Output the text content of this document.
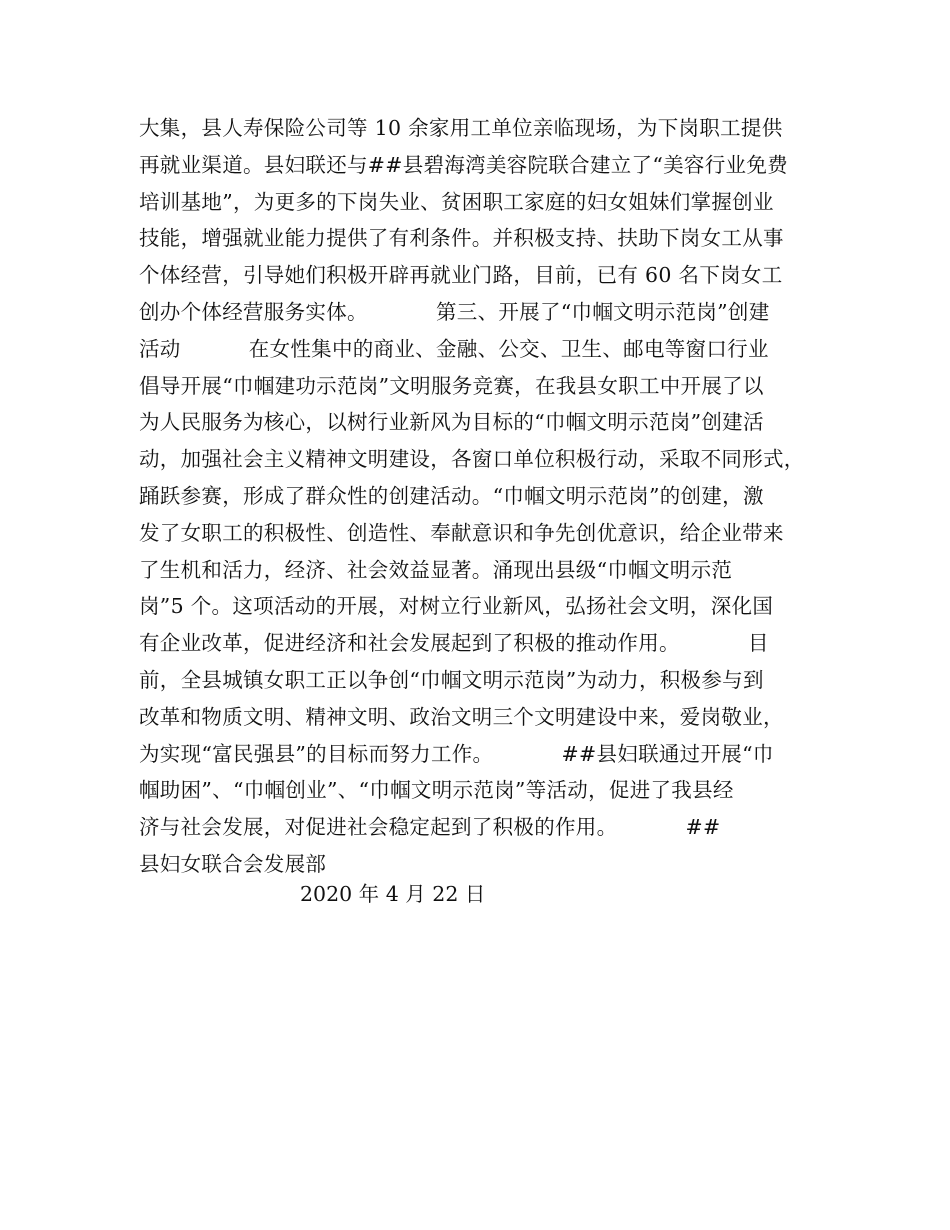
大集，县人寿保险公司等 10 余家用工单位亲临现场，为下岗职工提供
再就业渠道。县妇联还与##县碧海湾美容院联合建立了“美容行业免费
培训基地”，为更多的下岗失业、贫困职工家庭的妇女姐妹们掌握创业
技能，增强就业能力提供了有利条件。并积极支持、扶助下岗女工从事
个体经营，引导她们积极开辟再就业门路，目前，已有 60 名下岗女工
创办个体经营服务实体。          第三、开展了“巾帼文明示范岗”创建
活动          在女性集中的商业、金融、公交、卫生、邮电等窗口行业
倡导开展“巾帼建功示范岗”文明服务竞赛，在我县女职工中开展了以
为人民服务为核心，以树行业新风为目标的“巾帼文明示范岗”创建活
动，加强社会主义精神文明建设，各窗口单位积极行动，采取不同形式，
踊跃参赛，形成了群众性的创建活动。“巾帼文明示范岗”的创建，激
发了女职工的积极性、创造性、奉献意识和争先创优意识，给企业带来
了生机和活力，经济、社会效益显著。涌现出县级“巾帼文明示范
岗”5 个。这项活动的开展，对树立行业新风，弘扬社会文明，深化国
有企业改革，促进经济和社会发展起到了积极的推动作用。          目
前，全县城镇女职工正以争创“巾帼文明示范岗”为动力，积极参与到
改革和物质文明、精神文明、政治文明三个文明建设中来，爱岗敬业，
为实现“富民强县”的目标而努力工作。          ##县妇联通过开展“巾
帼助困”、“巾帼创业”、“巾帼文明示范岗”等活动，促进了我县经
济与社会发展，对促进社会稳定起到了积极的作用。          ##
县妇女联合会发展部
2020 年 4 月 22 日
